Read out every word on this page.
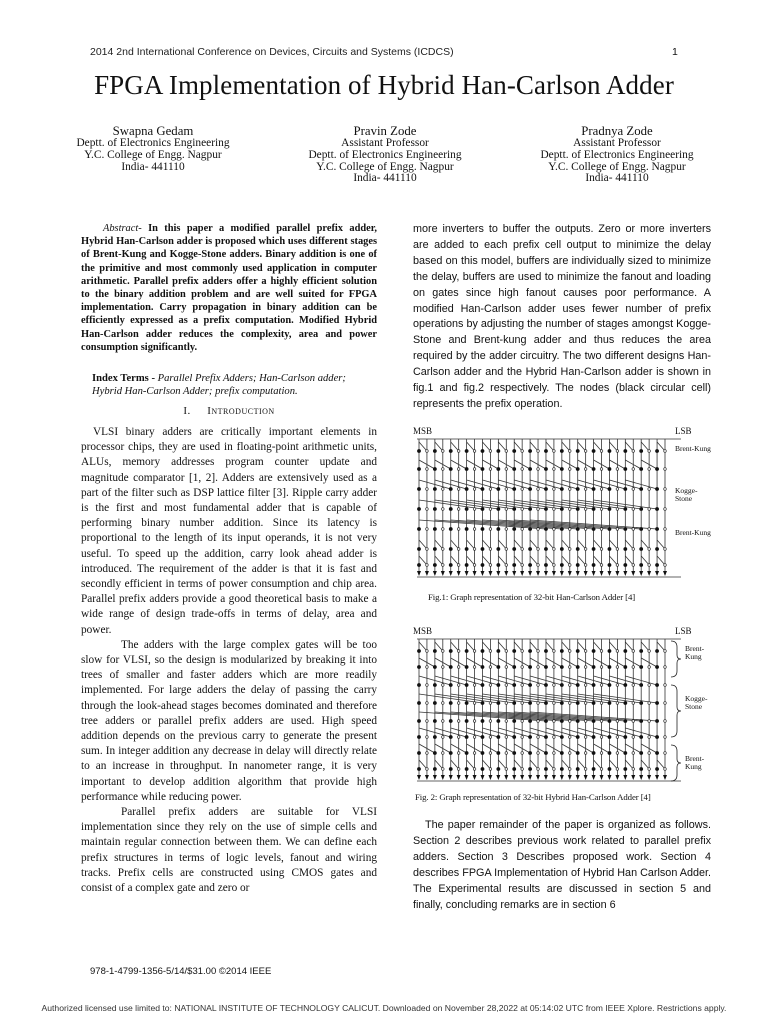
2014 2nd International Conference on Devices, Circuits and Systems (ICDCS)	1
FPGA Implementation of Hybrid Han-Carlson Adder
Swapna Gedam
Deptt. of Electronics Engineering
Y.C. College of Engg. Nagpur
India- 441110
Pravin Zode
Assistant Professor
Deptt. of Electronics Engineering
Y.C. College of Engg. Nagpur
India- 441110
Pradnya Zode
Assistant Professor
Deptt. of Electronics Engineering
Y.C. College of Engg. Nagpur
India- 441110
Abstract- In this paper a modified parallel prefix adder, Hybrid Han-Carlson adder is proposed which uses different stages of Brent-Kung and Kogge-Stone adders. Binary addition is one of the primitive and most commonly used application in computer arithmetic. Parallel prefix adders offer a highly efficient solution to the binary addition problem and are well suited for FPGA implementation. Carry propagation in binary addition can be efficiently expressed as a prefix computation. Modified Hybrid Han-Carlson adder reduces the complexity, area and power consumption significantly.
Index Terms - Parallel Prefix Adders; Han-Carlson adder; Hybrid Han-Carlson Adder; prefix computation.
I. Introduction

VLSI binary adders are critically important elements in processor chips, they are used in floating-point arithmetic units, ALUs, memory addresses program counter update and magnitude comparator [1, 2]. Adders are extensively used as a part of the filter such as DSP lattice filter [3]. Ripple carry adder is the first and most fundamental adder that is capable of performing binary number addition. Since its latency is proportional to the length of its input operands, it is not very useful. To speed up the addition, carry look ahead adder is introduced. The requirement of the adder is that it is fast and secondly efficient in terms of power consumption and chip area. Parallel prefix adders provide a good theoretical basis to make a wide range of design trade-offs in terms of delay, area and power.

The adders with the large complex gates will be too slow for VLSI, so the design is modularized by breaking it into trees of smaller and faster adders which are more readily implemented. For large adders the delay of passing the carry through the look-ahead stages becomes dominated and therefore tree adders or parallel prefix adders are used. High speed addition depends on the previous carry to generate the present sum. In integer addition any decrease in delay will directly relate to an increase in throughput. In nanometer range, it is very important to develop addition algorithm that provide high performance while reducing power.

Parallel prefix adders are suitable for VLSI implementation since they rely on the use of simple cells and maintain regular connection between them. We can define each prefix structures in terms of logic levels, fanout and wiring tracks. Prefix cells are constructed using CMOS gates and consist of a complex gate and zero or

more inverters to buffer the outputs. Zero or more inverters are added to each prefix cell output to minimize the delay based on this model, buffers are individually sized to minimize the delay, buffers are used to minimize the fanout and loading on gates since high fanout causes poor performance. A modified Han-Carlson adder uses fewer number of prefix operations by adjusting the number of stages amongst Kogge-Stone and Brent-kung adder and thus reduces the area required by the adder circuitry. The two different designs Han-Carlson adder and the Hybrid Han-Carlson adder is shown in fig.1 and fig.2 respectively. The nodes (black circular cell) represents the prefix operation.
MSB	LSB
Brent-Kung
Kogge-Stone
Brent-Kung
Fig.1: Graph representation of 32-bit Han-Carlson Adder [4]
MSB	LSB
Brent-Kung
Kogge-Stone
Brent-Kung
Fig. 2: Graph representation of 32-bit Hybrid Han-Carlson Adder [4]

The paper remainder of the paper is organized as follows. Section 2 describes previous work related to parallel prefix adders. Section 3 Describes proposed work. Section 4 describes FPGA Implementation of Hybrid Han Carlson Adder. The Experimental results are discussed in section 5 and finally, concluding remarks are in section 6

978-1-4799-1356-5/14/$31.00 ©2014 IEEE
Authorized licensed use limited to: NATIONAL INSTITUTE OF TECHNOLOGY CALICUT. Downloaded on November 28,2022 at 05:14:02 UTC from IEEE Xplore. Restrictions apply.
